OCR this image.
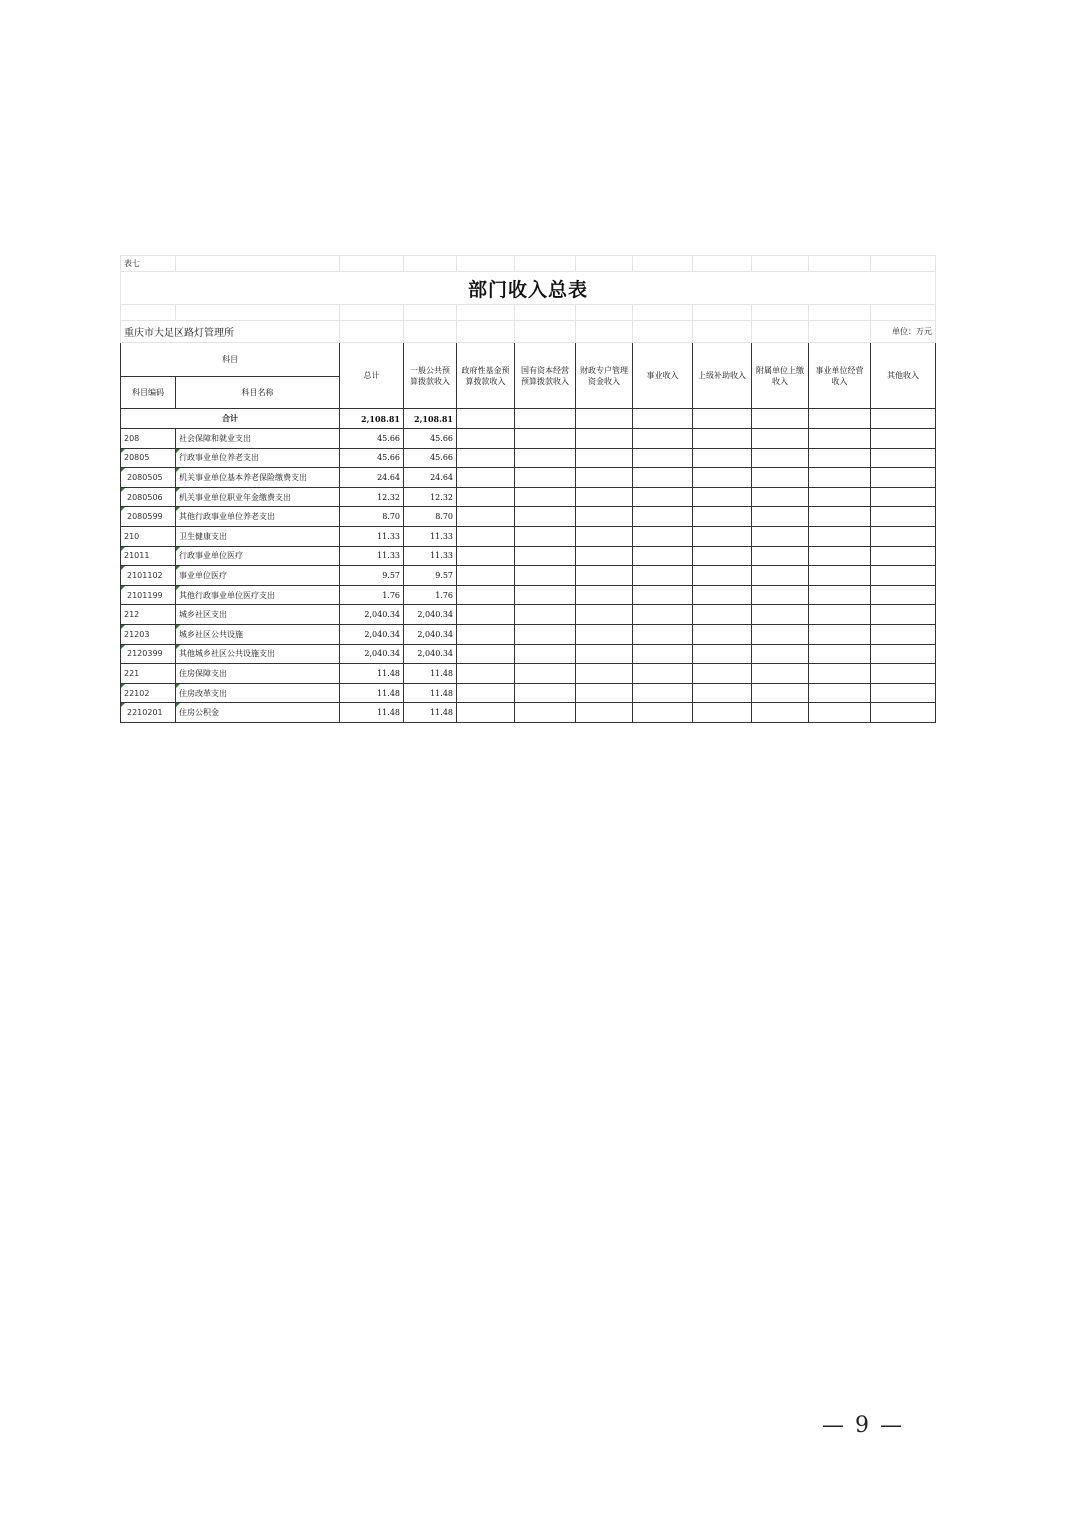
表七											
部门收入总表											

重庆市大足区路灯管理所											单位：万元
科目		总计	一般公共预算拨款收入	政府性基金预算拨款收入	国有资本经营预算拨款收入	财政专户管理资金收入	事业收入	上级补助收入	附属单位上缴收入	事业单位经营收入	其他收入
科目编码	科目名称										
合计		2,108.81	2,108.81								
208	社会保障和就业支出	45.66	45.66								
20805	行政事业单位养老支出	45.66	45.66								
2080505	机关事业单位基本养老保险缴费支出	24.64	24.64								
2080506	机关事业单位职业年金缴费支出	12.32	12.32								
2080599	其他行政事业单位养老支出	8.70	8.70								
210	卫生健康支出	11.33	11.33								
21011	行政事业单位医疗	11.33	11.33								
2101102	事业单位医疗	9.57	9.57								
2101199	其他行政事业单位医疗支出	1.76	1.76								
212	城乡社区支出	2,040.34	2,040.34								
21203	城乡社区公共设施	2,040.34	2,040.34								
2120399	其他城乡社区公共设施支出	2,040.34	2,040.34								
221	住房保障支出	11.48	11.48								
22102	住房改革支出	11.48	11.48								
2210201	住房公积金	11.48	11.48								
— 9 —
